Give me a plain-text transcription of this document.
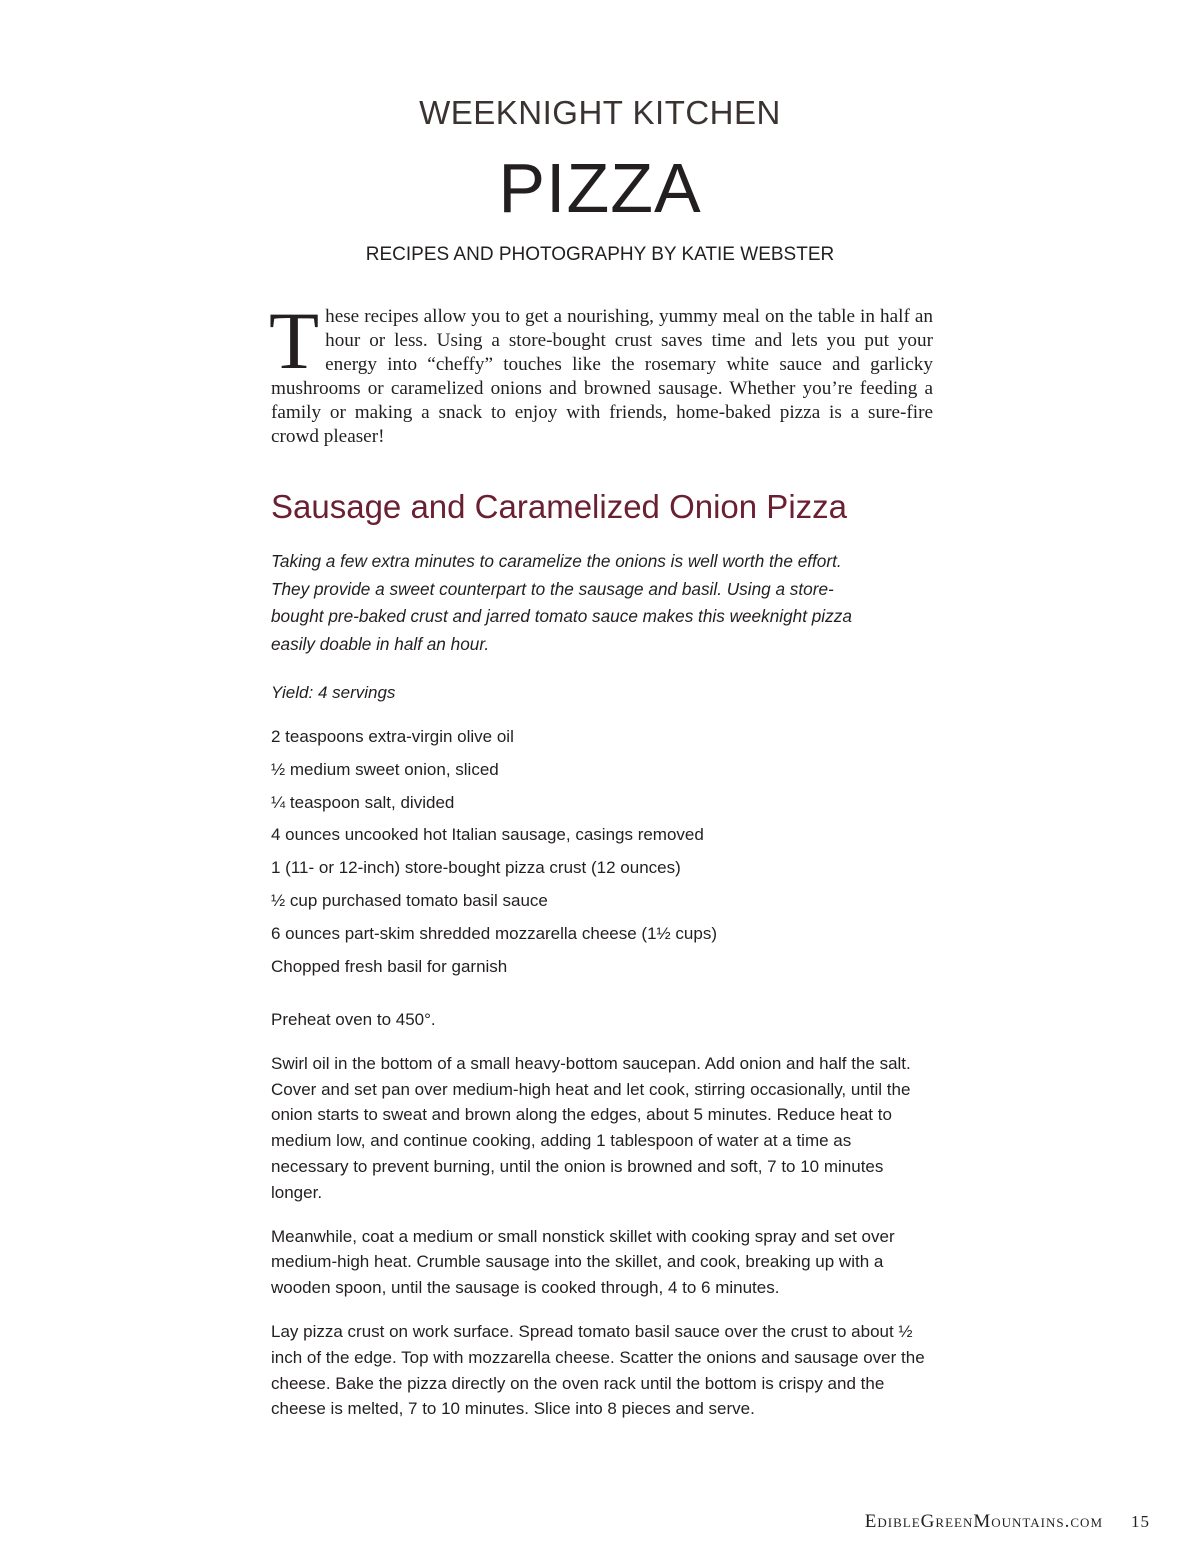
WEEKNIGHT KITCHEN
PIZZA
RECIPES AND PHOTOGRAPHY BY KATIE WEBSTER

These recipes allow you to get a nourishing, yummy meal on the table in half an hour or less. Using a store-bought crust saves time and lets you put your energy into “cheffy” touches like the rosemary white sauce and garlicky mushrooms or caramelized onions and browned sausage. Whether you’re feeding a family or making a snack to enjoy with friends, home-baked pizza is a sure-fire crowd pleaser!

Sausage and Caramelized Onion Pizza

Taking a few extra minutes to caramelize the onions is well worth the effort. They provide a sweet counterpart to the sausage and basil. Using a store-bought pre-baked crust and jarred tomato sauce makes this weeknight pizza easily doable in half an hour.

Yield: 4 servings

2 teaspoons extra-virgin olive oil
½ medium sweet onion, sliced
¼ teaspoon salt, divided
4 ounces uncooked hot Italian sausage, casings removed
1 (11- or 12-inch) store-bought pizza crust (12 ounces)
½ cup purchased tomato basil sauce
6 ounces part-skim shredded mozzarella cheese (1½ cups)
Chopped fresh basil for garnish

Preheat oven to 450°.

Swirl oil in the bottom of a small heavy-bottom saucepan. Add onion and half the salt. Cover and set pan over medium-high heat and let cook, stirring occasionally, until the onion starts to sweat and brown along the edges, about 5 minutes. Reduce heat to medium low, and continue cooking, adding 1 tablespoon of water at a time as necessary to prevent burning, until the onion is browned and soft, 7 to 10 minutes longer.

Meanwhile, coat a medium or small nonstick skillet with cooking spray and set over medium-high heat. Crumble sausage into the skillet, and cook, breaking up with a wooden spoon, until the sausage is cooked through, 4 to 6 minutes.

Lay pizza crust on work surface. Spread tomato basil sauce over the crust to about ½ inch of the edge. Top with mozzarella cheese. Scatter the onions and sausage over the cheese. Bake the pizza directly on the oven rack until the bottom is crispy and the cheese is melted, 7 to 10 minutes. Slice into 8 pieces and serve.

EdibleGreenMountains.com 15
